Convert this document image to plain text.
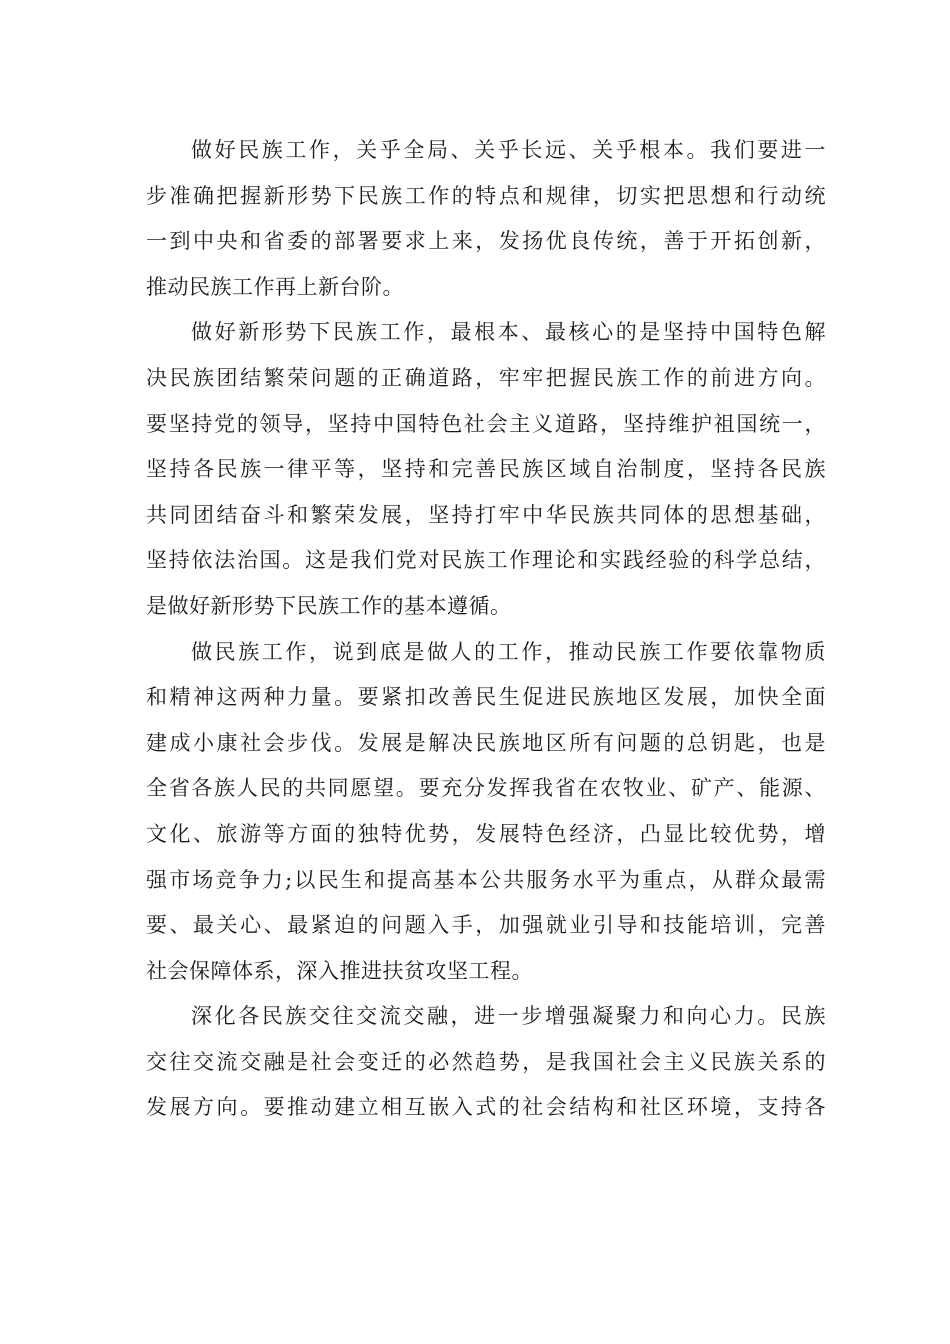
做好民族工作，关乎全局、关乎长远、关乎根本。我们要进一
步准确把握新形势下民族工作的特点和规律，切实把思想和行动统
一到中央和省委的部署要求上来，发扬优良传统，善于开拓创新，
推动民族工作再上新台阶。
做好新形势下民族工作，最根本、最核心的是坚持中国特色解
决民族团结繁荣问题的正确道路，牢牢把握民族工作的前进方向。
要坚持党的领导，坚持中国特色社会主义道路，坚持维护祖国统一，
坚持各民族一律平等，坚持和完善民族区域自治制度，坚持各民族
共同团结奋斗和繁荣发展，坚持打牢中华民族共同体的思想基础，
坚持依法治国。这是我们党对民族工作理论和实践经验的科学总结，
是做好新形势下民族工作的基本遵循。
做民族工作，说到底是做人的工作，推动民族工作要依靠物质
和精神这两种力量。要紧扣改善民生促进民族地区发展，加快全面
建成小康社会步伐。发展是解决民族地区所有问题的总钥匙，也是
全省各族人民的共同愿望。要充分发挥我省在农牧业、矿产、能源、
文化、旅游等方面的独特优势，发展特色经济，凸显比较优势，增
强市场竞争力;以民生和提高基本公共服务水平为重点，从群众最需
要、最关心、最紧迫的问题入手，加强就业引导和技能培训，完善
社会保障体系，深入推进扶贫攻坚工程。
深化各民族交往交流交融，进一步增强凝聚力和向心力。民族
交往交流交融是社会变迁的必然趋势，是我国社会主义民族关系的
发展方向。要推动建立相互嵌入式的社会结构和社区环境，支持各
